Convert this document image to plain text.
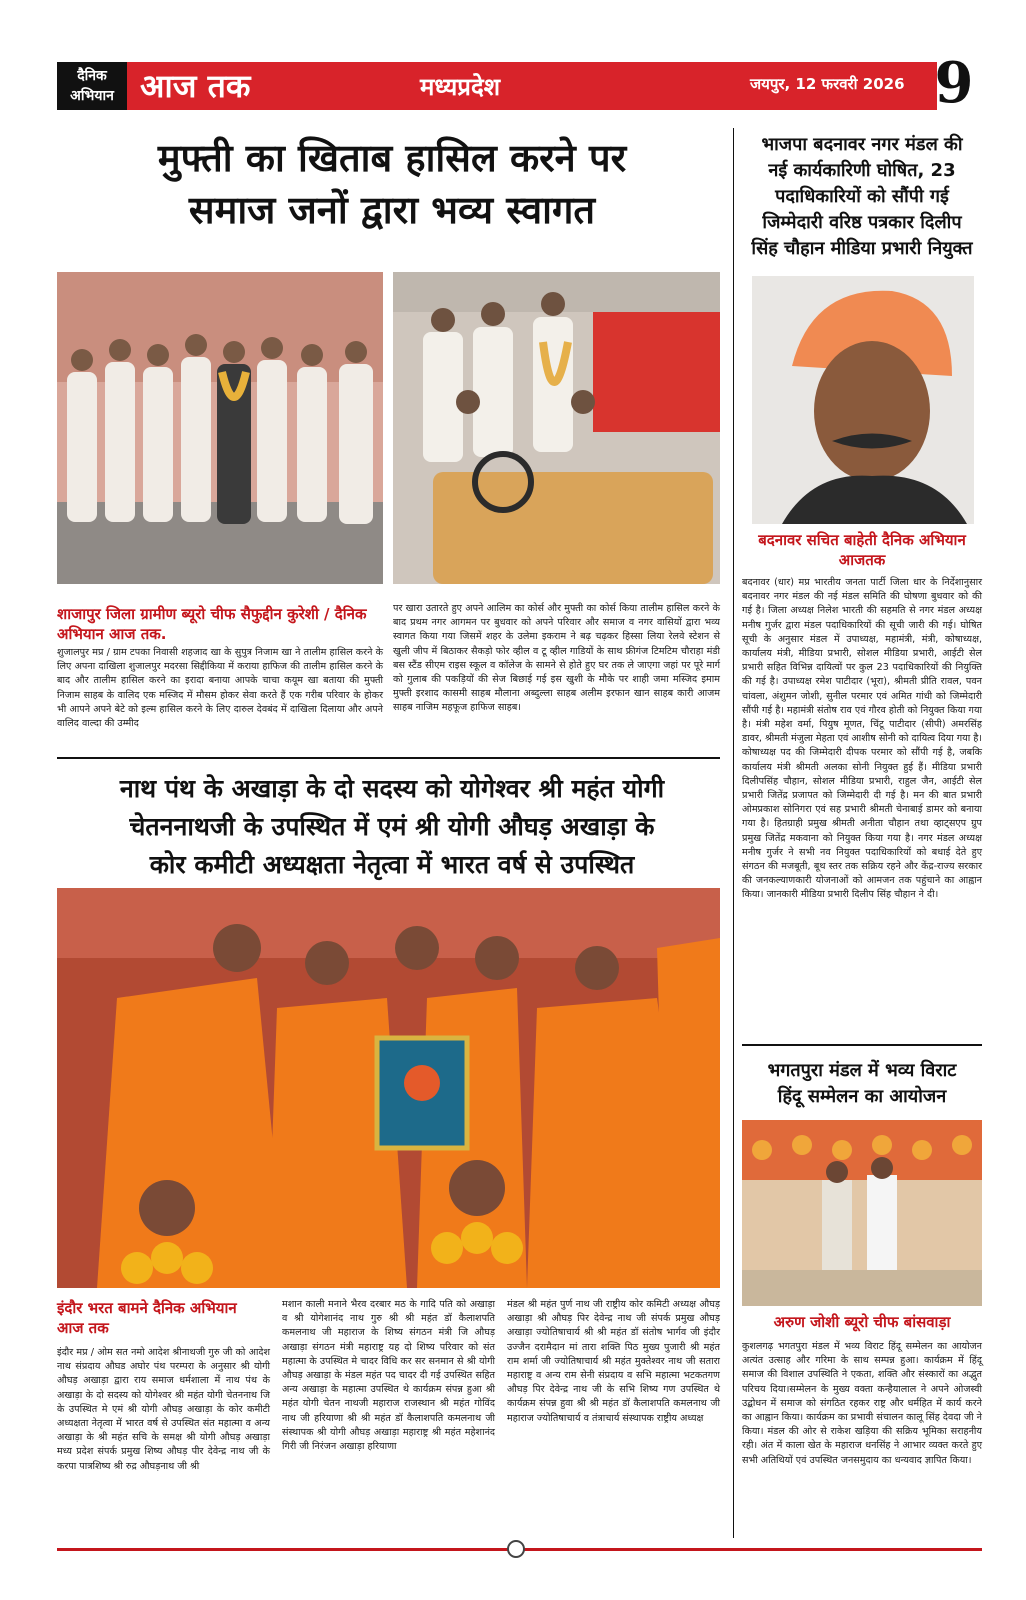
दैनिक
अभियान आज तक	मध्यप्रदेश	जयपुर, 12 फरवरी 2026 9
मुफ्ती का खिताब हासिल करने पर
समाज जनों द्वारा भव्य स्वागत
शाजापुर जिला ग्रामीण ब्यूरो चीफ सैफुद्दीन कुरेशी / दैनिक अभियान आज तक.
शुजालपुर मप्र / ग्राम टपका निवासी शहजाद खा के सुपुत्र निजाम खा ने तालीम हासिल करने के लिए अपना दाखिला शुजालपुर मदरसा सिद्दीकिया में कराया हाफिज की तालीम हासिल करने के बाद और तालीम हासिल करने का इरादा बनाया आपके चाचा कयूम खा बताया की मुफ्ती निजाम साहब के वालिद एक मस्जिद में मौसम होकर सेवा करते हैं एक गरीब परिवार के होकर भी आपने अपने बेटे को इल्म हासिल करने के लिए दारुल देवबंद में दाखिला दिलाया और अपने वालिद वाल्दा की उम्मीद
पर खारा उतारते हुए अपने आलिम का कोर्स और मुफ्ती का कोर्स किया तालीम हासिल करने के बाद प्रथम नगर आगमन पर बुधवार को अपने परिवार और समाज व नगर वासियों द्वारा भव्य स्वागत किया गया जिसमें शहर के उलेमा इकराम ने बढ़ चढ़कर हिस्सा लिया रेलवे स्टेशन से खुली जीप में बिठाकर सैकड़ो फोर व्हील व टू व्हील गाडियों के साथ फ्रीगंज टिमटिम चौराहा मंडी बस स्टैंड सीएम राइस स्कूल व कॉलेज के सामने से होते हुए घर तक ले जाएगा जहां पर पूरे मार्ग को गुलाब की पकड़ियों की सेज बिछाई गई इस खुशी के मौके पर शाही जमा मस्जिद इमाम मुफ्ती इरशाद कासमी साहब मौलाना अब्दुल्ला साहब अलीम इरफान खान साहब कारी आजम साहब नाजिम महफूज हाफिज साहब।
नाथ पंथ के अखाड़ा के दो सदस्य को योगेश्वर श्री महंत योगी
चेतननाथजी के उपस्थित में एमं श्री योगी औघड़ अखाड़ा के
कोर कमीटी अध्यक्षता नेतृत्वा में भारत वर्ष से उपस्थित
इंदौर भरत बामने दैनिक अभियान आज तक
इंदौर मप्र / ओम सत नमो आदेश श्रीनाथजी गुरु जी को आदेश नाथ संप्रदाय औघड अघोर पंथ परम्परा के अनुसार श्री योगी औघड़ अखाड़ा द्वारा राय समाज धर्मशाला में नाथ पंथ के अखाड़ा के दो सदस्य को योगेश्वर श्री महंत योगी चेतननाथ जि के उपस्थित मे एमं श्री योगी औघड़ अखाड़ा के कोर कमीटी अध्यक्षता नेतृत्वा में भारत वर्ष से उपस्थित संत महात्मा व अन्य अखाड़ा के श्री महंत सचि के समक्ष श्री योगी औघड़ अखाड़ा मध्य प्रदेश संपर्क प्रमुख शिष्य औघड़ पीर देवेन्द्र नाथ जी के करपा पात्रशिष्य श्री रुद्र औघड़नाथ जी श्री
मशान काली मनाने भैरव दरबार मठ के गादि पति को अखाड़ा व श्री योगेशानंद नाथ गुरु श्री श्री महंत डॉ कैलाशपति कमलनाथ जी महाराज के शिष्य संगठन मंत्री जि औघड़ अखाड़ा संगठन मंत्री महाराष्ट्र यह दो शिष्य परिवार को संत महात्मा के उपस्थित मे चादर विधि कर सर सनमान से श्री योगी औघड़ अखाड़ा के मंडल महंत पद चादर दी गई उपस्थित सहित अन्य अखाड़ा के महात्मा उपस्थित थे कार्यक्रम संपन्न हुआ श्री महंत योगी चेतन नाथजी महाराज राजस्थान श्री महंत गोविंद नाथ जी हरियाणा श्री श्री महंत डॉ कैलाशपति कमलनाथ जी संस्थापक श्री योगी औघड़ अखाड़ा महाराष्ट्र श्री महंत महेशानंद गिरी जी निरंजन अखाड़ा हरियाणा
मंडल श्री महंत पुर्ण नाथ जी राष्ट्रीय कोर कमिटी अध्यक्ष औघड़ अखाड़ा श्री औघड़ पिर देवेन्द्र नाथ जी संपर्क प्रमुख औघड़ अखाड़ा ज्योतिषाचार्य श्री श्री महंत डॉ संतोष भार्गव जी इंदौर उज्जैन दरामैदान मां तारा शक्ति पिठ मुख्य पुजारी श्री महंत राम शर्मा जी ज्योतिषाचार्य श्री महंत मुक्तेश्वर नाथ जी सतारा महाराष्ट्र व अन्य राम सेनी संप्रदाय व सभि महात्मा भटकतगण औघड़ पिर देवेन्द्र नाथ जी के सभि शिष्य गण उपस्थित थे कार्यक्रम संपन्न हुवा श्री श्री महंत डॉ कैलाशपति कमलनाथ जी महाराज ज्योतिषाचार्य व तंत्राचार्य संस्थापक राष्ट्रीय अध्यक्ष
भाजपा बदनावर नगर मंडल की
नई कार्यकारिणी घोषित, 23
पदाधिकारियों को सौंपी गई
जिम्मेदारी वरिष्ठ पत्रकार दिलीप
सिंह चौहान मीडिया प्रभारी नियुक्त
बदनावर सचित बाहेती दैनिक अभियान आजतक
बदनावर (धार) मप्र भारतीय जनता पार्टी जिला धार के निर्देशानुसार बदनावर नगर मंडल की नई मंडल समिति की घोषणा बुधवार को की गई है। जिला अध्यक्ष निलेश भारती की सहमति से नगर मंडल अध्यक्ष मनीष गुर्जर द्वारा मंडल पदाधिकारियों की सूची जारी की गई। घोषित सूची के अनुसार मंडल में उपाध्यक्ष, महामंत्री, मंत्री, कोषाध्यक्ष, कार्यालय मंत्री, मीडिया प्रभारी, सोशल मीडिया प्रभारी, आईटी सेल प्रभारी सहित विभिन्न दायित्वों पर कुल 23 पदाधिकारियों की नियुक्ति की गई है। उपाध्यक्ष रमेश पाटीदार (भूरा), श्रीमती प्रीति रावल, पवन चांवला, अंशुमन जोशी, सुनील परमार एवं अमित गांधी को जिम्मेदारी सौंपी गई है। महामंत्री संतोष राव एवं गौरव होती को नियुक्त किया गया है। मंत्री महेश वर्मा, पियुष मूणत, चिंटू पाटीदार (सीपी) अमरसिंह डावर, श्रीमती मंजुला मेहता एवं आशीष सोनी को दायित्व दिया गया है। कोषाध्यक्ष पद की जिम्मेदारी दीपक परमार को सौंपी गई है, जबकि कार्यालय मंत्री श्रीमती अलका सोनी नियुक्त हुई हैं। मीडिया प्रभारी दिलीपसिंह चौहान, सोशल मीडिया प्रभारी, राहुल जैन, आईटी सेल प्रभारी जितेंद्र प्रजापत को जिम्मेदारी दी गई है। मन की बात प्रभारी ओमप्रकाश सोनिगरा एवं सह प्रभारी श्रीमती चेनाबाई डामर को बनाया गया है। हितग्राही प्रमुख श्रीमती अनीता चौहान तथा व्हाट्सएप ग्रुप प्रमुख जितेंद्र मकवाना को नियुक्त किया गया है। नगर मंडल अध्यक्ष मनीष गुर्जर ने सभी नव नियुक्त पदाधिकारियों को बधाई देते हुए संगठन की मजबूती, बूथ स्तर तक सक्रिय रहने और केंद्र-राज्य सरकार की जनकल्याणकारी योजनाओं को आमजन तक पहुंचाने का आह्वान किया। जानकारी मीडिया प्रभारी दिलीप सिंह चौहान ने दी।
भगतपुरा मंडल में भव्य विराट
हिंदू सम्मेलन का आयोजन
अरुण जोशी ब्यूरो चीफ बांसवाड़ा
कुशलगढ़ भगतपुरा मंडल में भव्य विराट हिंदू सम्मेलन का आयोजन अत्यंत उत्साह और गरिमा के साथ सम्पन्न हुआ। कार्यक्रम में हिंदू समाज की विशाल उपस्थिति ने एकता, शक्ति और संस्कारों का अद्भुत परिचय दिया।सम्मेलन के मुख्य वक्ता कन्हैयालाल ने अपने ओजस्वी उद्बोधन में समाज को संगठित रहकर राष्ट्र और धर्महित में कार्य करने का आह्वान किया। कार्यक्रम का प्रभावी संचालन कालू सिंह देवदा जी ने किया। मंडल की ओर से राकेश खड़िया की सक्रिय भूमिका सराहनीय रही। अंत में काला खेत के महाराज धनसिंह ने आभार व्यक्त करते हुए सभी अतिथियों एवं उपस्थित जनसमुदाय का धन्यवाद ज्ञापित किया।
